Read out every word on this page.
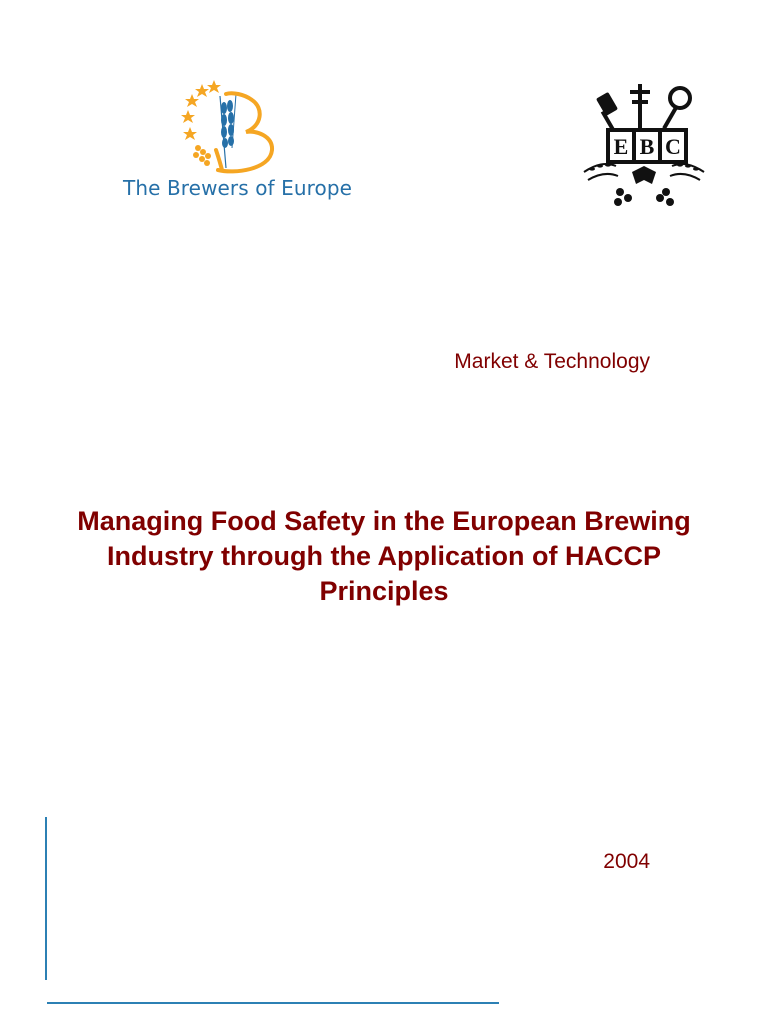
The Brewers of Europe
E B C
Market & Technology
Managing Food Safety in the European Brewing Industry through the Application of HACCP Principles
2004
